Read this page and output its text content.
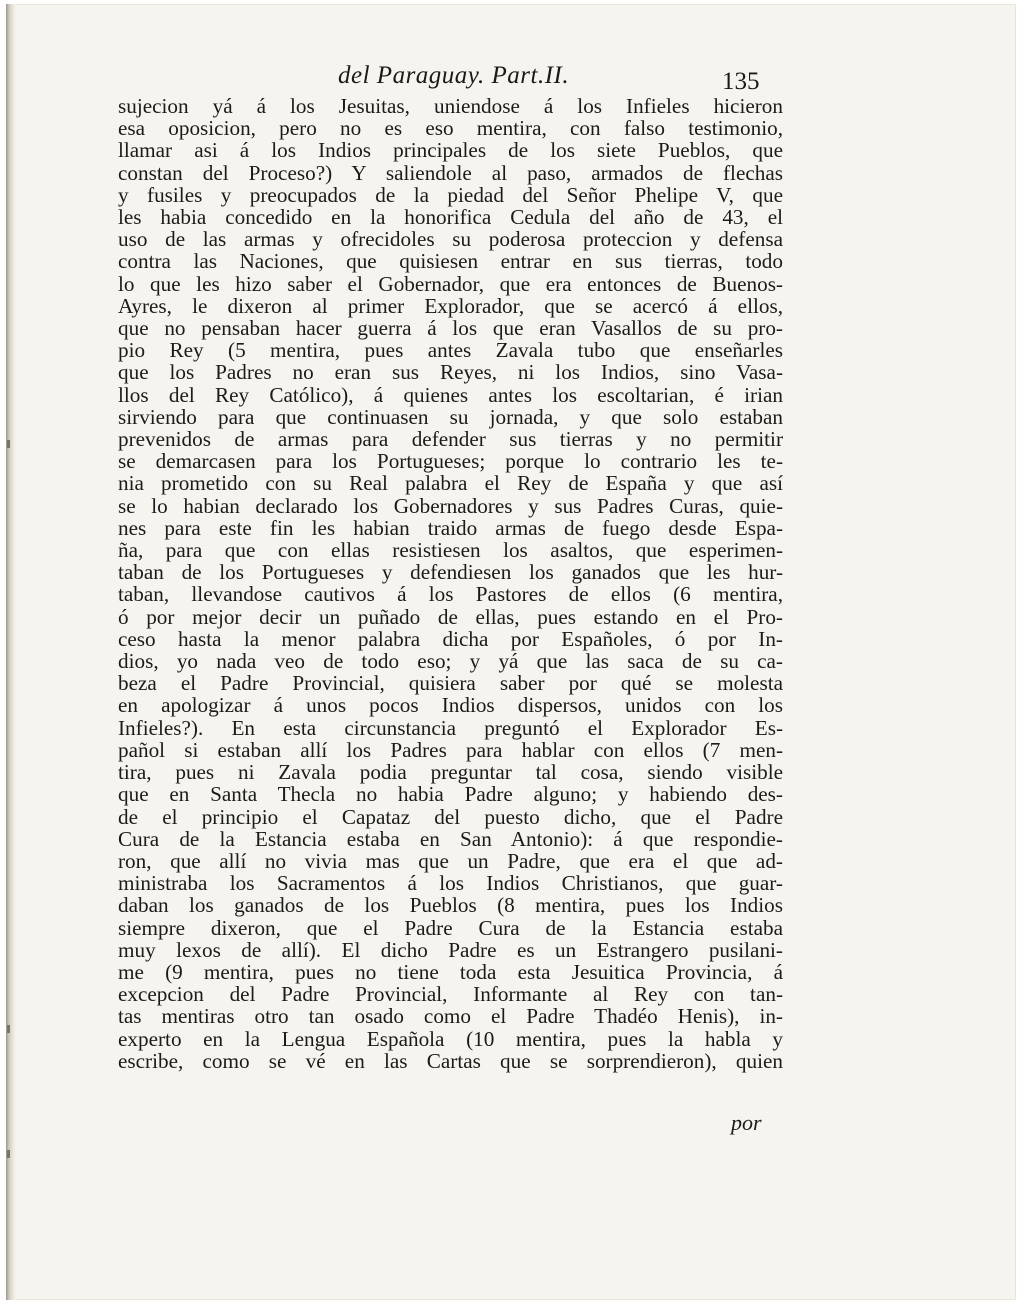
del Paraguay. Part.II.	135
sujecion yá á los Jesuitas, uniendose á los Infieles hicieron
esa oposicion, pero no es eso mentira, con falso testimonio,
llamar asi á los Indios principales de los siete Pueblos, que
constan del Proceso?) Y saliendole al paso, armados de flechas
y fusiles y preocupados de la piedad del Señor Phelipe V, que
les habia concedido en la honorifica Cedula del año de 43, el
uso de las armas y ofrecidoles su poderosa proteccion y defensa
contra las Naciones, que quisiesen entrar en sus tierras, todo
lo que les hizo saber el Gobernador, que era entonces de Buenos-
Ayres, le dixeron al primer Explorador, que se acercó á ellos,
que no pensaban hacer guerra á los que eran Vasallos de su pro-
pio Rey (5 mentira, pues antes Zavala tubo que enseñarles
que los Padres no eran sus Reyes, ni los Indios, sino Vasa-
llos del Rey Católico), á quienes antes los escoltarian, é irian
sirviendo para que continuasen su jornada, y que solo estaban
prevenidos de armas para defender sus tierras y no permitir
se demarcasen para los Portugueses; porque lo contrario les te-
nia prometido con su Real palabra el Rey de España y que así
se lo habian declarado los Gobernadores y sus Padres Curas, quie-
nes para este fin les habian traido armas de fuego desde Espa-
ña, para que con ellas resistiesen los asaltos, que esperimen-
taban de los Portugueses y defendiesen los ganados que les hur-
taban, llevandose cautivos á los Pastores de ellos (6 mentira,
ó por mejor decir un puñado de ellas, pues estando en el Pro-
ceso hasta la menor palabra dicha por Españoles, ó por In-
dios, yo nada veo de todo eso; y yá que las saca de su ca-
beza el Padre Provincial, quisiera saber por qué se molesta
en apologizar á unos pocos Indios dispersos, unidos con los
Infieles?). En esta circunstancia preguntó el Explorador Es-
pañol si estaban allí los Padres para hablar con ellos (7 men-
tira, pues ni Zavala podia preguntar tal cosa, siendo visible
que en Santa Thecla no habia Padre alguno; y habiendo des-
de el principio el Capataz del puesto dicho, que el Padre
Cura de la Estancia estaba en San Antonio): á que respondie-
ron, que allí no vivia mas que un Padre, que era el que ad-
ministraba los Sacramentos á los Indios Christianos, que guar-
daban los ganados de los Pueblos (8 mentira, pues los Indios
siempre dixeron, que el Padre Cura de la Estancia estaba
muy lexos de allí). El dicho Padre es un Estrangero pusilani-
me (9 mentira, pues no tiene toda esta Jesuitica Provincia, á
excepcion del Padre Provincial, Informante al Rey con tan-
tas mentiras otro tan osado como el Padre Thadéo Henis), in-
experto en la Lengua Española (10 mentira, pues la habla y
escribe, como se vé en las Cartas que se sorprendieron), quien
por
